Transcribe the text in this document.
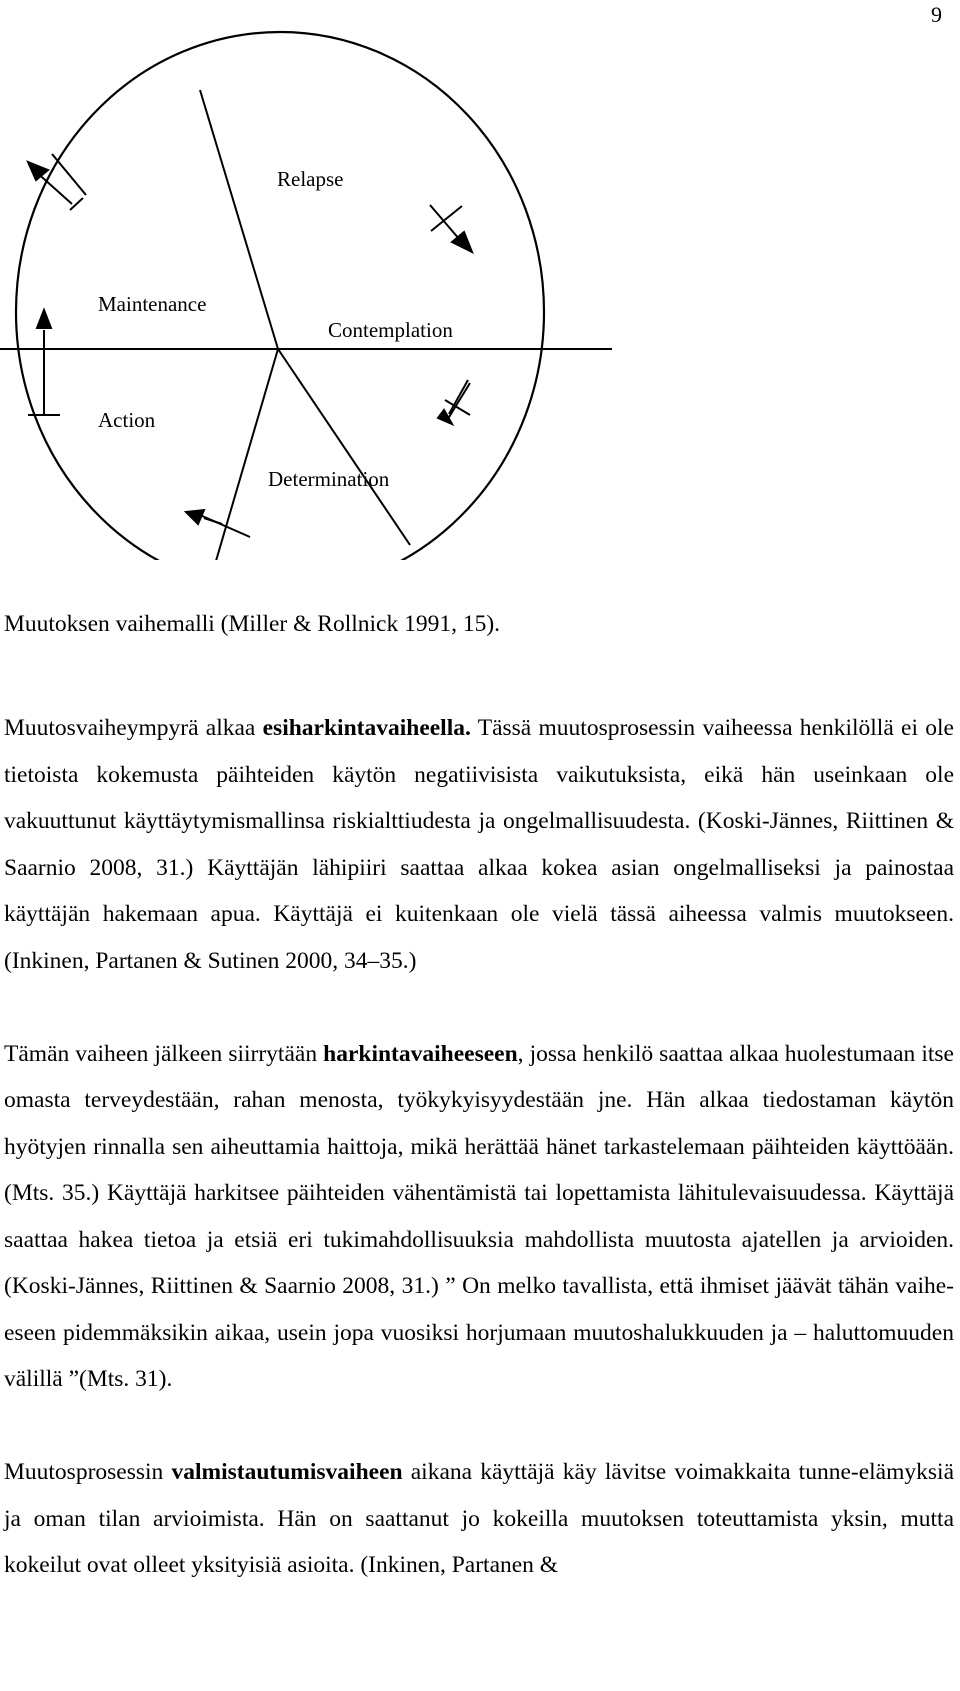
9
Relapse
Maintenance
Contemplation
Action
Determination

Muutoksen vaihemalli (Miller & Rollnick 1991, 15).

Muutosvaiheympyrä alkaa esiharkintavaiheella. Tässä muutosprosessin vaiheessa henkilöllä ei ole tietoista kokemusta päihteiden käytön negatiivisista vaikutuksista, eikä hän useinkaan ole vakuuttunut käyttäytymismallinsa riskialttiudesta ja ongelmallisuudesta. (Koski-Jännes, Riittinen & Saarnio 2008, 31.) Käyttäjän lähipiiri saattaa alkaa kokea asian ongelmalliseksi ja painostaa käyttäjän hakemaan apua. Käyttäjä ei kuitenkaan ole vielä tässä aiheessa valmis muutokseen. (Inkinen, Partanen & Sutinen 2000, 34–35.)

Tämän vaiheen jälkeen siirrytään harkintavaiheeseen, jossa henkilö saattaa alkaa huolestumaan itse omasta terveydestään, rahan menosta, työkykyisyydestään jne. Hän alkaa tiedostaman käytön hyötyjen rinnalla sen aiheuttamia haittoja, mikä herättää hänet tarkastelemaan päihteiden käyttöään. (Mts. 35.) Käyttäjä harkitsee päihteiden vähentämistä tai lopettamista lähitulevaisuudessa. Käyttäjä saattaa hakea tietoa ja etsiä eri tukimahdollisuuksia mahdollista muutosta ajatellen ja arvioiden. (Koski-Jännes, Riittinen & Saarnio 2008, 31.) ” On melko tavallista, että ihmiset jäävät tähän vaiheeseen pidemmäksikin aikaa, usein jopa vuosiksi horjumaan muutoshalukkuuden ja – haluttomuuden välillä ”(Mts. 31).

Muutosprosessin valmistautumisvaiheen aikana käyttäjä käy lävitse voimakkaita tunne-elämyksiä ja oman tilan arvioimista. Hän on saattanut jo kokeilla muutoksen toteuttamista yksin, mutta kokeilut ovat olleet yksityisiä asioita. (Inkinen, Partanen &
